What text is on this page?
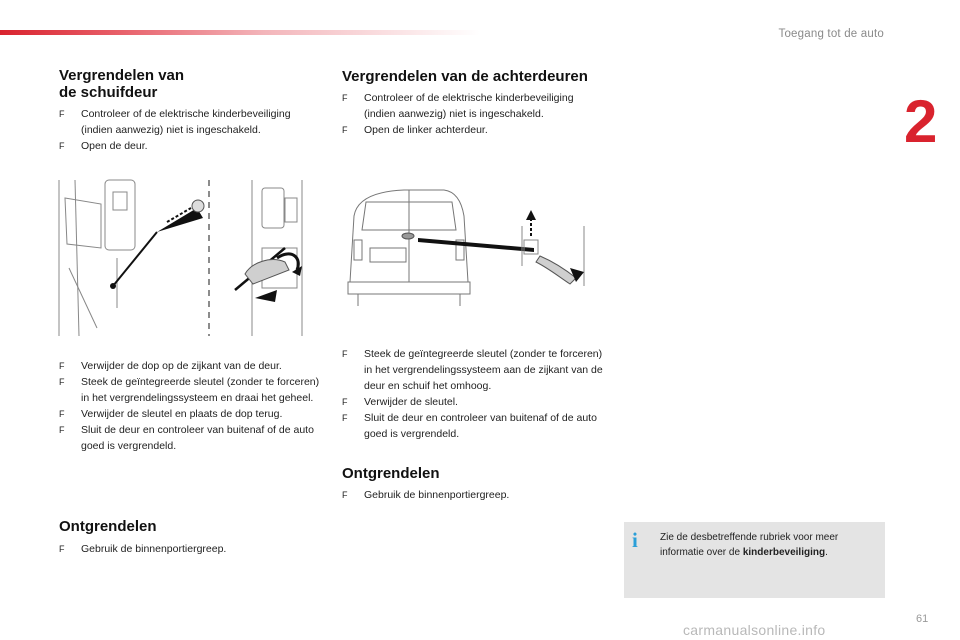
Toegang tot de auto
2
Vergrendelen van
de schuifdeur
F Controleer of de elektrische kinderbeveiliging (indien aanwezig) niet is ingeschakeld.
F Open de deur.
F Verwijder de dop op de zijkant van de deur.
F Steek de geïntegreerde sleutel (zonder te forceren) in het vergrendelingssysteem en draai het geheel.
F Verwijder de sleutel en plaats de dop terug.
F Sluit de deur en controleer van buitenaf of de auto goed is vergrendeld.
Ontgrendelen
F Gebruik de binnenportiergreep.
Vergrendelen van de achterdeuren
F Controleer of de elektrische kinderbeveiliging (indien aanwezig) niet is ingeschakeld.
F Open de linker achterdeur.
F Steek de geïntegreerde sleutel (zonder te forceren) in het vergrendelingssysteem aan de zijkant van de deur en schuif het omhoog.
F Verwijder de sleutel.
F Sluit de deur en controleer van buitenaf of de auto goed is vergrendeld.
Ontgrendelen
F Gebruik de binnenportiergreep.
i Zie de desbetreffende rubriek voor meer informatie over de kinderbeveiliging.
61
carmanualsonline.info
